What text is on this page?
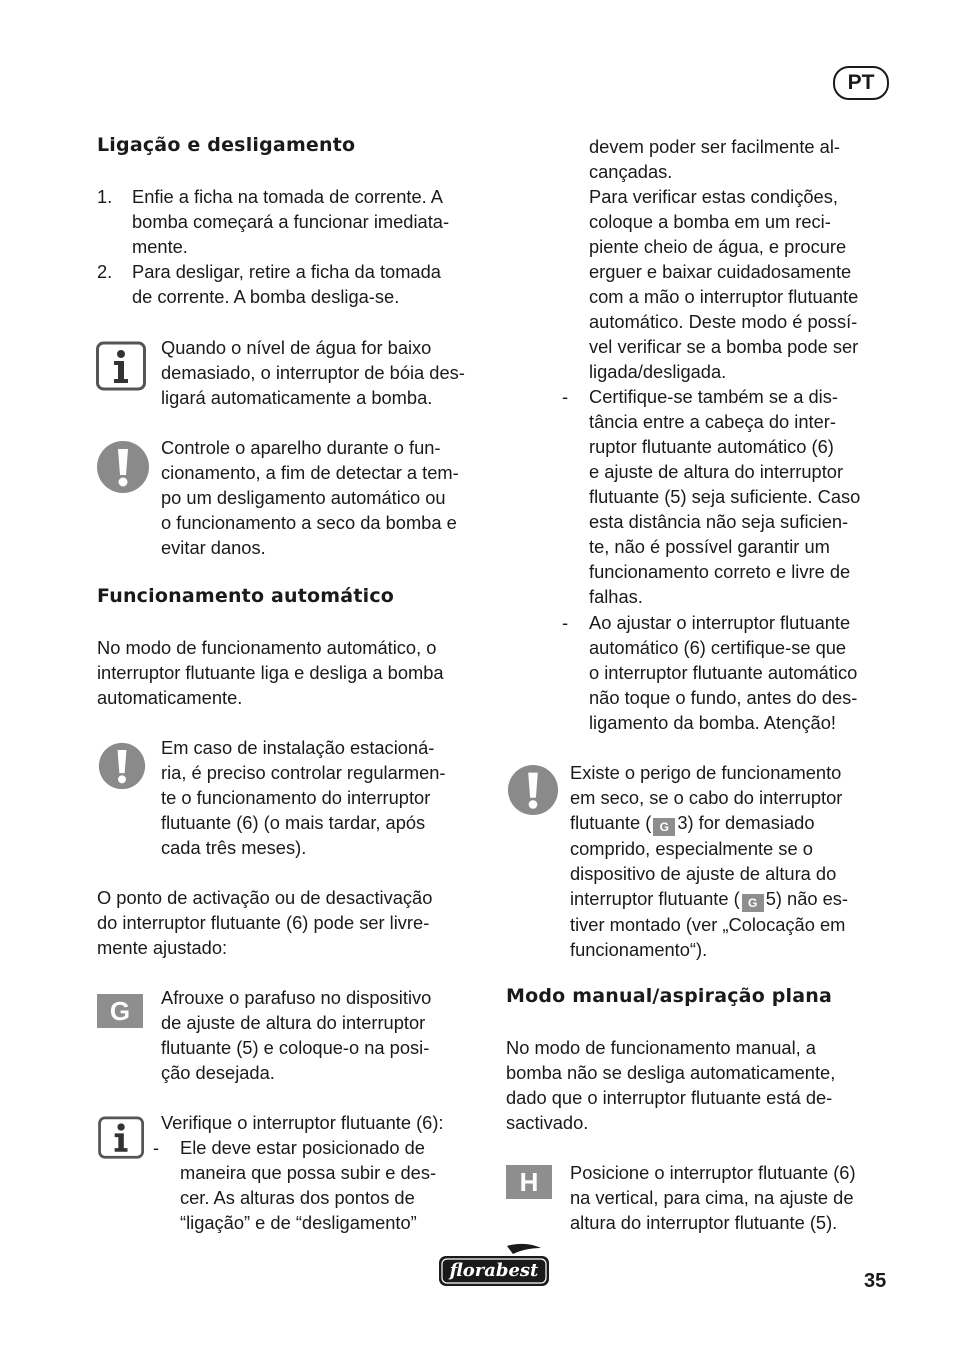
PT
Ligação e desligamento
1. Enfie a ficha na tomada de corrente. A
bomba começará a funcionar imediata-
mente.
2. Para desligar, retire a ficha da tomada
de corrente. A bomba desliga-se.
Quando o nível de água for baixo
demasiado, o interruptor de bóia des-
ligará automaticamente a bomba.
Controle o aparelho durante o fun-
cionamento, a fim de detectar a tem-
po um desligamento automático ou
o funcionamento a seco da bomba e
evitar danos.
Funcionamento automático
No modo de funcionamento automático, o
interruptor flutuante liga e desliga a bomba
automaticamente.
Em caso de instalação estacioná-
ria, é preciso controlar regularmen-
te o funcionamento do interruptor
flutuante (6) (o mais tardar, após
cada três meses).
O ponto de activação ou de desactivação
do interruptor flutuante (6) pode ser livre-
mente ajustado:
G	Afrouxe o parafuso no dispositivo
de ajuste de altura do interruptor
flutuante (5) e coloque-o na posi-
ção desejada.
Verifique o interruptor flutuante (6):
- Ele deve estar posicionado de
maneira que possa subir e des-
cer. As alturas dos pontos de
“ligação” e de “desligamento”
devem poder ser facilmente al-
cançadas.
Para verificar estas condições,
coloque a bomba em um reci-
piente cheio de água, e procure
erguer e baixar cuidadosamente
com a mão o interruptor flutuante
automático. Deste modo é possí-
vel verificar se a bomba pode ser
ligada/desligada.
- Certifique-se também se a dis-
tância entre a cabeça do inter-
ruptor flutuante automático (6)
e ajuste de altura do interruptor
flutuante (5) seja suficiente. Caso
esta distância não seja suficien-
te, não é possível garantir um
funcionamento correto e livre de
falhas.
- Ao ajustar o interruptor flutuante
automático (6) certifique-se que
o interruptor flutuante automático
não toque o fundo, antes do des-
ligamento da bomba. Atenção!
Existe o perigo de funcionamento
em seco, se o cabo do interruptor
flutuante ( G 3) for demasiado
comprido, especialmente se o
dispositivo de ajuste de altura do
interruptor flutuante ( G 5) não es-
tiver montado (ver „Colocação em
funcionamento“).
Modo manual/aspiração plana
No modo de funcionamento manual, a
bomba não se desliga automaticamente,
dado que o interruptor flutuante está de-
sactivado.
H	Posicione o interruptor flutuante (6)
na vertical, para cima, na ajuste de
altura do interruptor flutuante (5).
florabest	35
